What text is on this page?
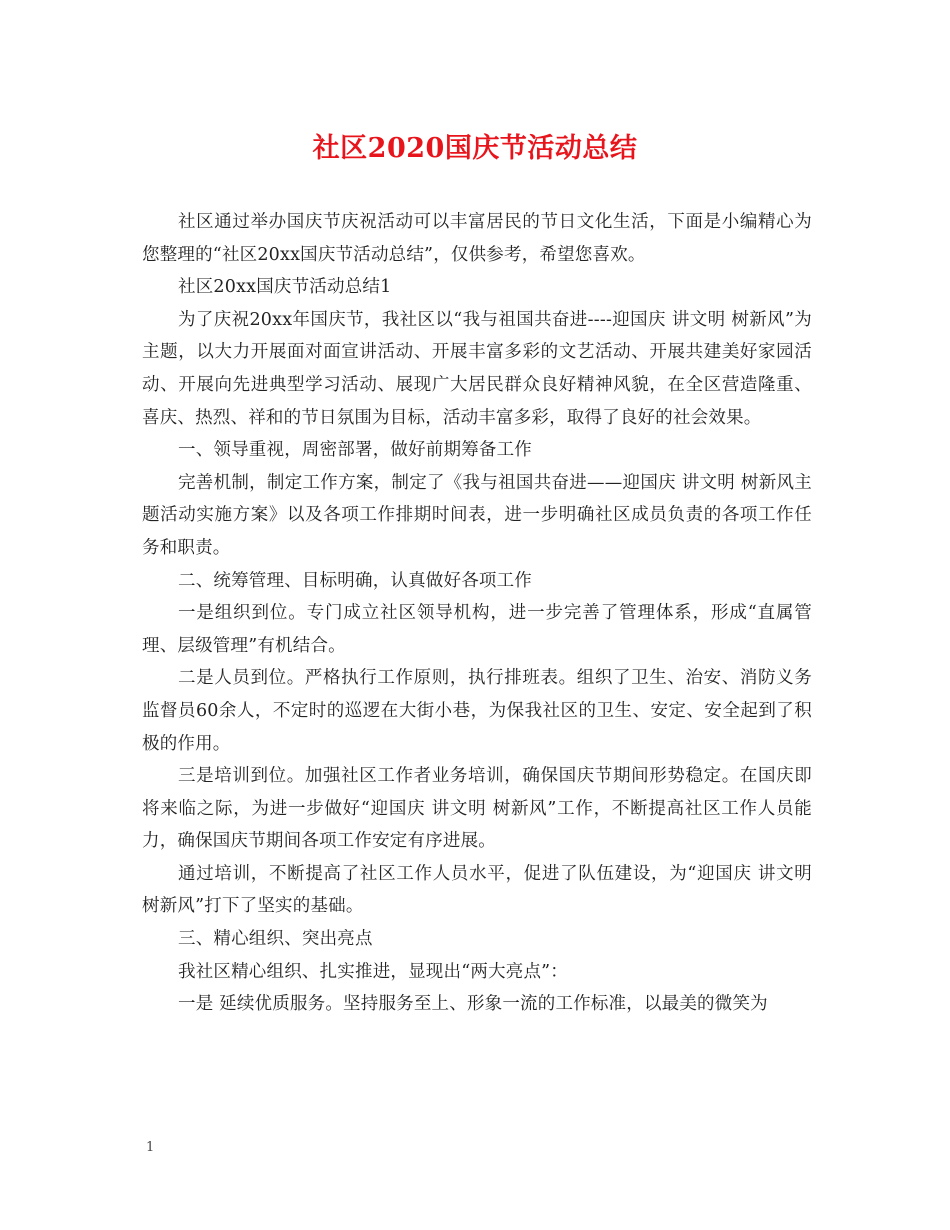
社区2020国庆节活动总结

社区通过举办国庆节庆祝活动可以丰富居民的节日文化生活，下面是小编精心为您整理的“社区20xx国庆节活动总结”，仅供参考，希望您喜欢。

社区20xx国庆节活动总结1

为了庆祝20xx年国庆节，我社区以“我与祖国共奋进----迎国庆 讲文明 树新风”为主题，以大力开展面对面宣讲活动、开展丰富多彩的文艺活动、开展共建美好家园活动、开展向先进典型学习活动、展现广大居民群众良好精神风貌，在全区营造隆重、喜庆、热烈、祥和的节日氛围为目标，活动丰富多彩，取得了良好的社会效果。

一、领导重视，周密部署，做好前期筹备工作

完善机制，制定工作方案，制定了《我与祖国共奋进——迎国庆 讲文明 树新风主题活动实施方案》以及各项工作排期时间表，进一步明确社区成员负责的各项工作任务和职责。

二、统筹管理、目标明确，认真做好各项工作

一是组织到位。专门成立社区领导机构，进一步完善了管理体系，形成“直属管理、层级管理”有机结合。

二是人员到位。严格执行工作原则，执行排班表。组织了卫生、治安、消防义务监督员60余人，不定时的巡逻在大街小巷，为保我社区的卫生、安定、安全起到了积极的作用。

三是培训到位。加强社区工作者业务培训，确保国庆节期间形势稳定。在国庆即将来临之际，为进一步做好“迎国庆 讲文明 树新风”工作，不断提高社区工作人员能力，确保国庆节期间各项工作安定有序进展。

通过培训，不断提高了社区工作人员水平，促进了队伍建设，为“迎国庆 讲文明 树新风”打下了坚实的基础。

三、精心组织、突出亮点

我社区精心组织、扎实推进，显现出“两大亮点”：

一是 延续优质服务。坚持服务至上、形象一流的工作标准，以最美的微笑为

1
